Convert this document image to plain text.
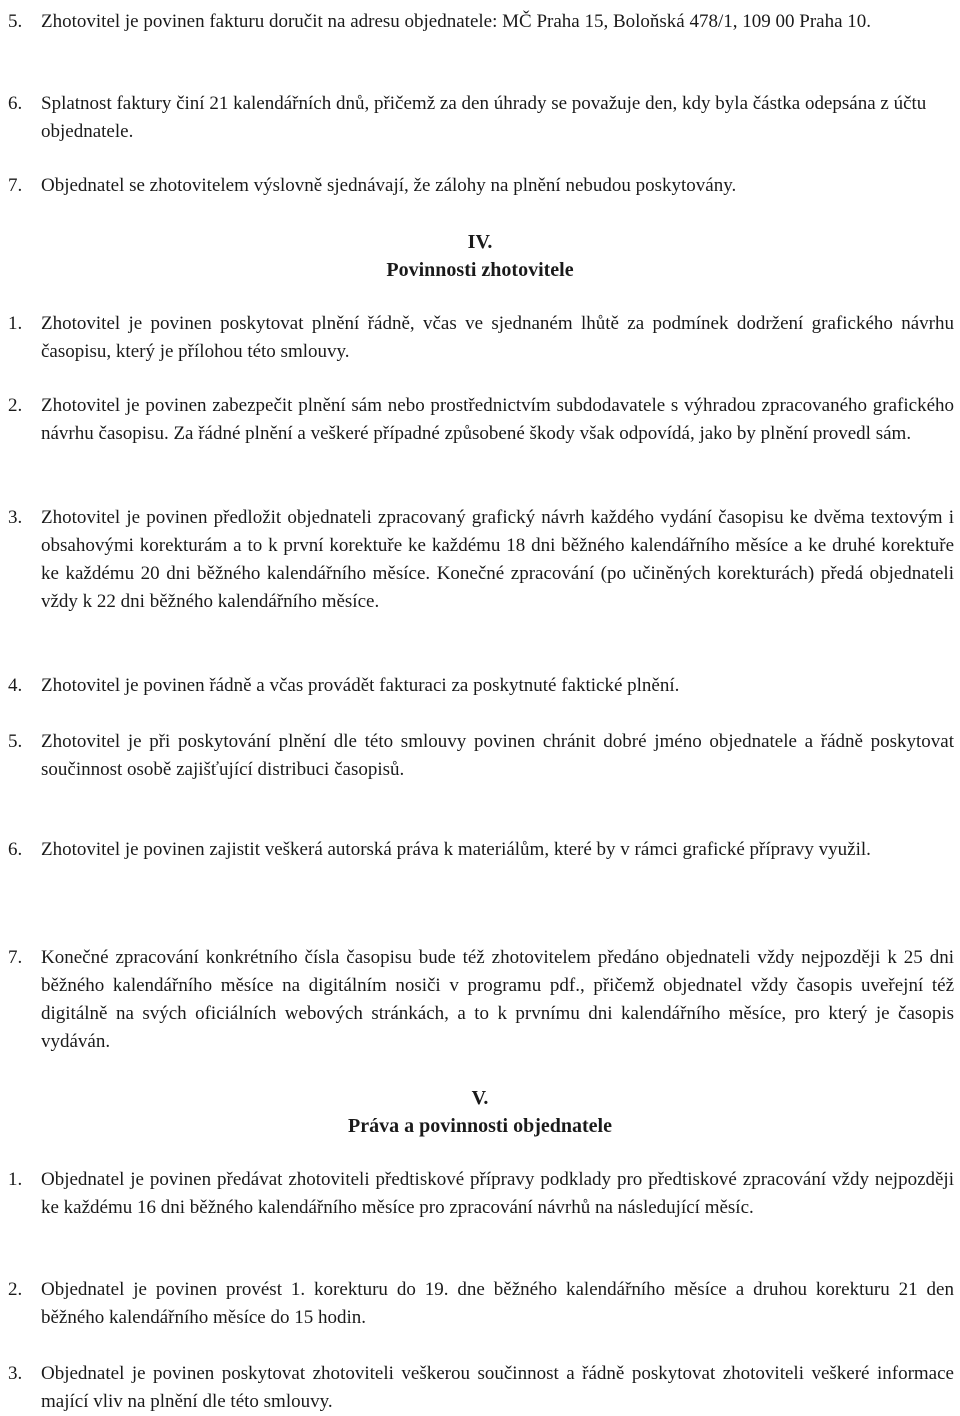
5. Zhotovitel je povinen fakturu doručit na adresu objednatele: MČ Praha 15, Boloňská 478/1, 109 00 Praha 10.
6. Splatnost faktury činí 21 kalendářních dnů, přičemž za den úhrady se považuje den, kdy byla částka odepsána z účtu objednatele.
7. Objednatel se zhotovitelem výslovně sjednávají, že zálohy na plnění nebudou poskytovány.
IV.
Povinnosti zhotovitele
1. Zhotovitel je povinen poskytovat plnění řádně, včas ve sjednaném lhůtě za podmínek dodržení grafického návrhu časopisu, který je přílohou této smlouvy.
2. Zhotovitel je povinen zabezpečit plnění sám nebo prostřednictvím subdodavatele s výhradou zpracovaného grafického návrhu časopisu. Za řádné plnění a veškeré případné způsobené škody však odpovídá, jako by plnění provedl sám.
3. Zhotovitel je povinen předložit objednateli zpracovaný grafický návrh každého vydání časopisu ke dvěma textovým i obsahovými korekturám a to k první korektuře ke každému 18 dni běžného kalendářního měsíce a ke druhé korektuře ke každému 20 dni běžného kalendářního měsíce. Konečné zpracování (po učiněných korekturách) předá objednateli vždy k 22 dni běžného kalendářního měsíce.
4. Zhotovitel je povinen řádně a včas provádět fakturaci za poskytnuté faktické plnění.
5. Zhotovitel je při poskytování plnění dle této smlouvy povinen chránit dobré jméno objednatele a řádně poskytovat součinnost osobě zajišťující distribuci časopisů.
6. Zhotovitel je povinen zajistit veškerá autorská práva k materiálům, které by v rámci grafické přípravy využil.
7. Konečné zpracování konkrétního čísla časopisu bude též zhotovitelem předáno objednateli vždy nejpozději k 25 dni běžného kalendářního měsíce na digitálním nosiči v programu pdf., přičemž objednatel vždy časopis uveřejní též digitálně na svých oficiálních webových stránkách, a to k prvnímu dni kalendářního měsíce, pro který je časopis vydáván.
V.
Práva a povinnosti objednatele
1. Objednatel je povinen předávat zhotoviteli předtiskové přípravy podklady pro předtiskové zpracování vždy nejpozději ke každému 16 dni běžného kalendářního měsíce pro zpracování návrhů na následující měsíc.
2. Objednatel je povinen provést 1. korekturu do 19. dne běžného kalendářního měsíce a druhou korekturu 21 den běžného kalendářního měsíce do 15 hodin.
3. Objednatel je povinen poskytovat zhotoviteli veškerou součinnost a řádně poskytovat zhotoviteli veškeré informace mající vliv na plnění dle této smlouvy.
